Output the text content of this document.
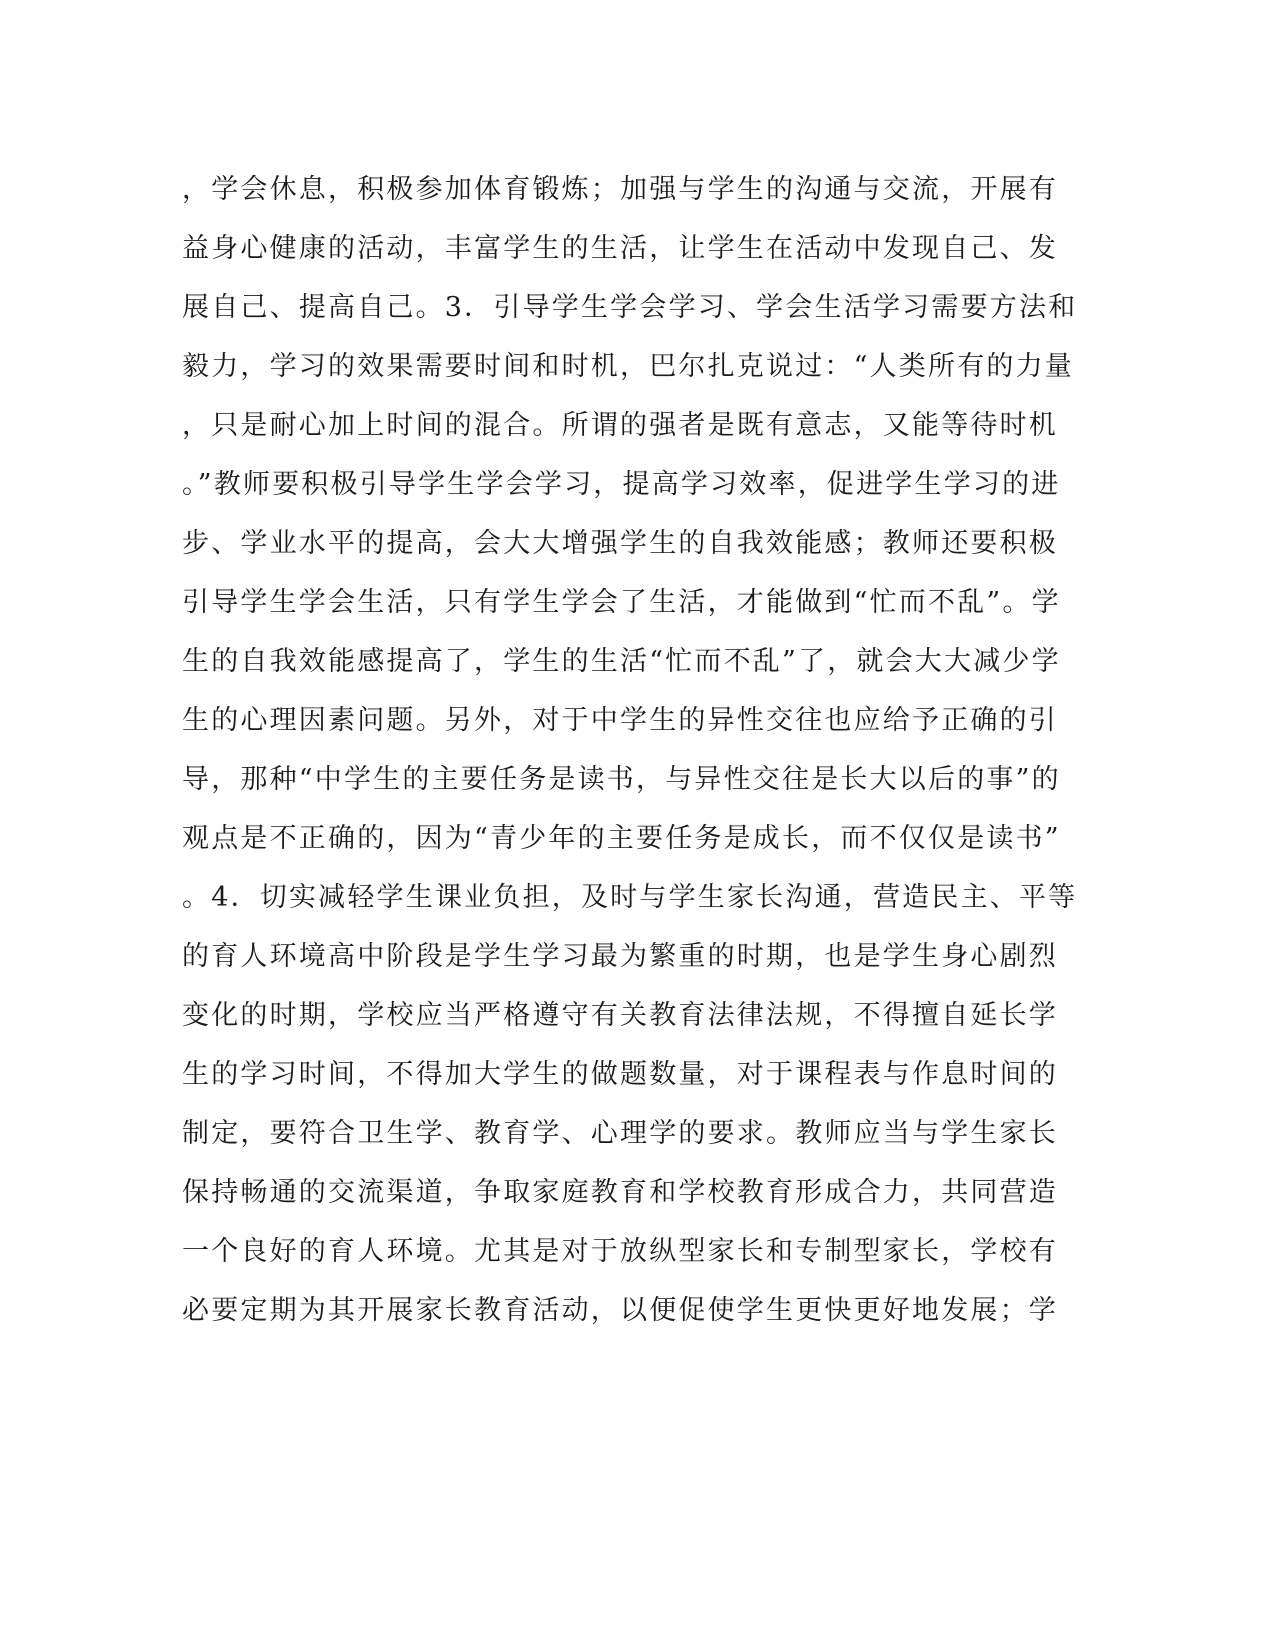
，学会休息，积极参加体育锻炼；加强与学生的沟通与交流，开展有
益身心健康的活动，丰富学生的生活，让学生在活动中发现自己、发
展自己、提高自己。3．引导学生学会学习、学会生活学习需要方法和
毅力，学习的效果需要时间和时机，巴尔扎克说过：“人类所有的力量
，只是耐心加上时间的混合。所谓的强者是既有意志，又能等待时机
。”教师要积极引导学生学会学习，提高学习效率，促进学生学习的进
步、学业水平的提高，会大大增强学生的自我效能感；教师还要积极
引导学生学会生活，只有学生学会了生活，才能做到“忙而不乱”。学
生的自我效能感提高了，学生的生活“忙而不乱”了，就会大大减少学
生的心理因素问题。另外，对于中学生的异性交往也应给予正确的引
导，那种“中学生的主要任务是读书，与异性交往是长大以后的事”的
观点是不正确的，因为“青少年的主要任务是成长，而不仅仅是读书”
。4．切实减轻学生课业负担，及时与学生家长沟通，营造民主、平等
的育人环境高中阶段是学生学习最为繁重的时期，也是学生身心剧烈
变化的时期，学校应当严格遵守有关教育法律法规，不得擅自延长学
生的学习时间，不得加大学生的做题数量，对于课程表与作息时间的
制定，要符合卫生学、教育学、心理学的要求。教师应当与学生家长
保持畅通的交流渠道，争取家庭教育和学校教育形成合力，共同营造
一个良好的育人环境。尤其是对于放纵型家长和专制型家长，学校有
必要定期为其开展家长教育活动，以便促使学生更快更好地发展；学
